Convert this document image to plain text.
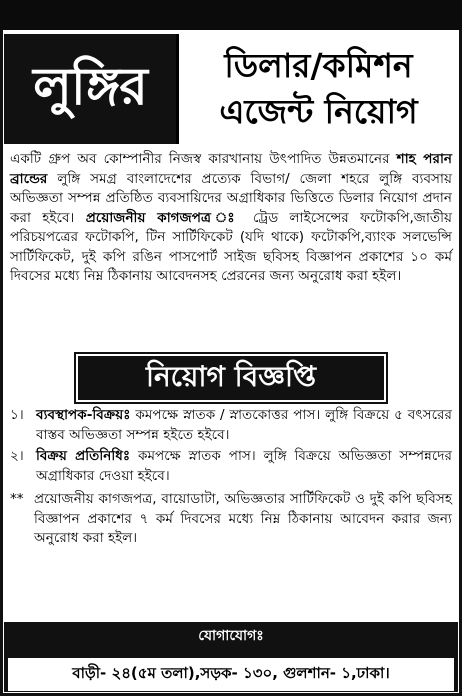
লুঙ্গির	ডিলার/কমিশন
এজেন্ট নিয়োগ
একটি গ্রুপ অব কোম্পানীর নিজস্ব কারখানায় উৎপাদিত উন্নতমানের শাহ পরান ব্রান্ডের লুঙ্গি সমগ্র বাংলাদেশের প্রত্যেক বিভাগ/ জেলা শহরে লুঙ্গি ব্যবসায় অভিজ্ঞতা সম্পন্ন প্রতিষ্ঠিত ব্যবসায়িদের অগ্রাধিকার ভিত্তিতে ডিলার নিয়োগ প্রদান করা হইবে। প্রয়োজনীয় কাগজপত্র ঃ ট্রেড লাইসেন্সের ফটোকপি,জাতীয় পরিচয়পত্রের ফটোকপি, টিন সার্টিফিকেট (যদি থাকে) ফটোকপি,ব্যাংক সলভেন্সি সার্টিফিকেট, দুই কপি রঙিন পাসপোর্ট সাইজ ছবিসহ বিজ্ঞাপন প্রকাশের ১০ কর্ম দিবসের মধ্যে নিম্ন ঠিকানায় আবেদনসহ প্রেরনের জন্য অনুরোধ করা হইল।
নিয়োগ বিজ্ঞপ্তি
১। ব্যবস্থাপক-বিক্রয়ঃ কমপক্ষে স্নাতক / স্নাতকোত্তর পাস। লুঙ্গি বিক্রয়ে ৫ বৎসরের বাস্তব অভিজ্ঞতা সম্পন্ন হইতে হইবে।
২। বিক্রয় প্রতিনিধিঃ কমপক্ষে স্নাতক পাস। লুঙ্গি বিক্রয়ে অভিজ্ঞতা সম্পন্নদের অগ্রাধিকার দেওয়া হইবে।
** প্রয়োজনীয় কাগজপত্র, বায়োডাটা, অভিজ্ঞতার সার্টিফিকেট ও দুই কপি ছবিসহ বিজ্ঞাপন প্রকাশের ৭ কর্ম দিবসের মধ্যে নিম্ন ঠিকানায় আবেদন করার জন্য অনুরোধ করা হইল।
যোগাযোগঃ
বাড়ী- ২৪(৫ম তলা),সড়ক- ১৩০, গুলশান- ১,ঢাকা।
